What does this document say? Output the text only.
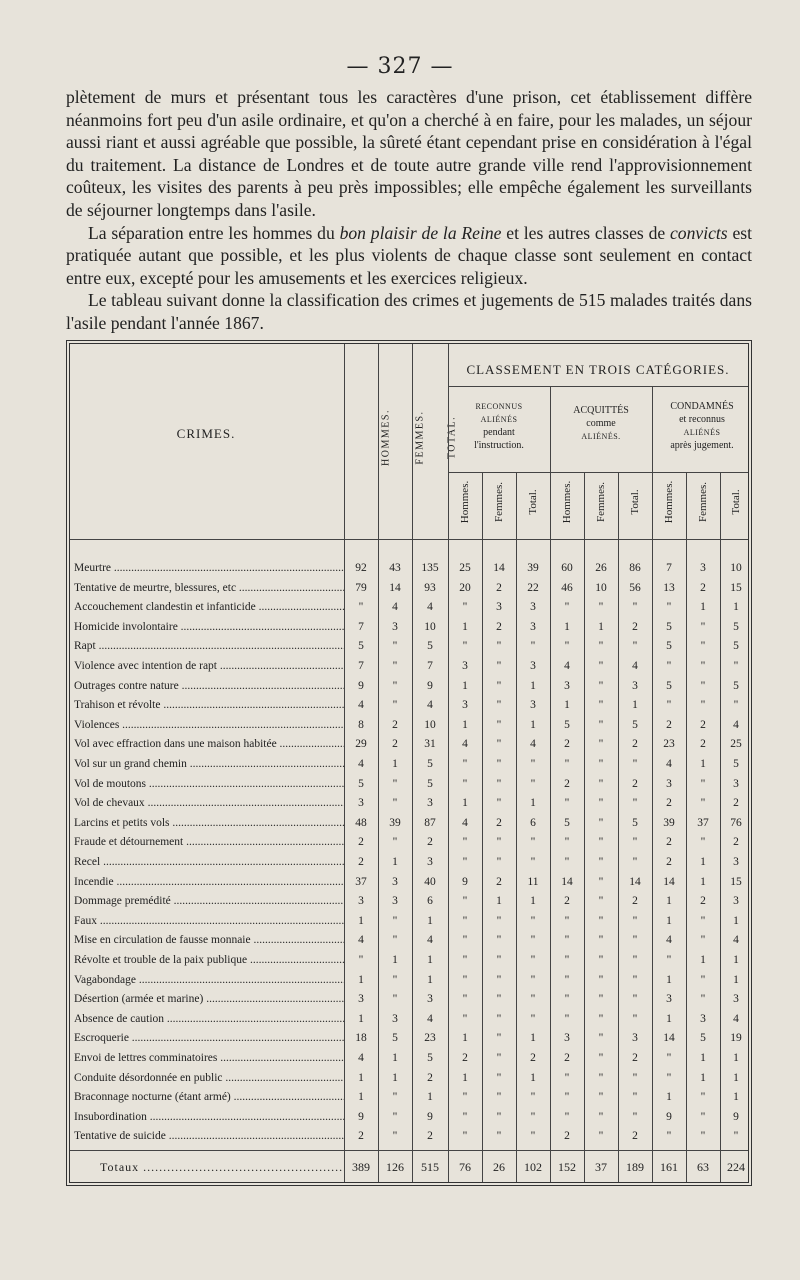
— 327 —

plètement de murs et présentant tous les caractères d'une prison, cet établissement diffère néanmoins fort peu d'un asile ordinaire, et qu'on a cherché à en faire, pour les malades, un séjour aussi riant et aussi agréable que possible, la sûreté étant cependant prise en considération à l'égal du traitement. La distance de Londres et de toute autre grande ville rend l'approvisionnement coûteux, les visites des parents à peu près impossibles; elle empêche également les surveillants de séjourner longtemps dans l'asile.

La séparation entre les hommes du bon plaisir de la Reine et les autres classes de convicts est pratiquée autant que possible, et les plus violents de chaque classe sont seulement en contact entre eux, excepté pour les amusements et les exercices religieux.

Le tableau suivant donne la classification des crimes et jugements de 515 malades traités dans l'asile pendant l'année 1867.

CRIMES.	HOMMES. FEMMES. TOTAL.
CLASSEMENT EN TROIS CATÉGORIES.
RECONNUS
ALIÉNÉS
pendant
l'instruction.
ACQUITTÉS
comme
ALIÉNÉS.
CONDAMNÉS
et reconnus
ALIÉNÉS
après jugement.
Hommes. Femmes. Total. Hommes. Femmes. Total. Hommes. Femmes. Total.
Meurtre .....	92	43	135	25	14	39	60	26	86	7	3	10
Tentative de meurtre, blessures, etc .....	79	14	93	20	2	22	46	10	56	13	2	15
Accouchement clandestin et infanticide .....	"	4	4	"	3	3	"	"	"	"	1	1
Homicide involontaire .....	7	3	10	1	2	3	1	1	2	5	"	5
Rapt .....	5	"	5	"	"	"	"	"	"	5	"	5
Violence avec intention de rapt .....	7	"	7	3	"	3	4	"	4	"	"	"
Outrages contre nature .....	9	"	9	1	"	1	3	"	3	5	"	5
Trahison et révolte .....	4	"	4	3	"	3	1	"	1	"	"	"
Violences .....	8	2	10	1	"	1	5	"	5	2	2	4
Vol avec effraction dans une maison habitée .....	29	2	31	4	"	4	2	"	2	23	2	25
Vol sur un grand chemin .....	4	1	5	"	"	"	"	"	"	4	1	5
Vol de moutons .....	5	"	5	"	"	"	2	"	2	3	"	3
Vol de chevaux .....	3	"	3	1	"	1	"	"	"	2	"	2
Larcins et petits vols .....	48	39	87	4	2	6	5	"	5	39	37	76
Fraude et détournement .....	2	"	2	"	"	"	"	"	"	2	"	2
Recel .....	2	1	3	"	"	"	"	"	"	2	1	3
Incendie .....	37	3	40	9	2	11	14	"	14	14	1	15
Dommage premédité .....	3	3	6	"	1	1	2	"	2	1	2	3
Faux .....	1	"	1	"	"	"	"	"	"	1	"	1
Mise en circulation de fausse monnaie .....	4	"	4	"	"	"	"	"	"	4	"	4
Révolte et trouble de la paix publique .....	"	1	1	"	"	"	"	"	"	"	1	1
Vagabondage .....	1	"	1	"	"	"	"	"	"	1	"	1
Désertion (armée et marine) .....	3	"	3	"	"	"	"	"	"	3	"	3
Absence de caution .....	1	3	4	"	"	"	"	"	"	1	3	4
Escroquerie .....	18	5	23	1	"	1	3	"	3	14	5	19
Envoi de lettres comminatoires .....	4	1	5	2	"	2	2	"	2	"	1	1
Conduite désordonnée en public .....	1	1	2	1	"	1	"	"	"	"	1	1
Braconnage nocturne (étant armé) .....	1	"	1	"	"	"	"	"	"	1	"	1
Insubordination .....	9	"	9	"	"	"	"	"	"	9	"	9
Tentative de suicide .....	2	"	2	"	"	"	2	"	2	"	"	"
Totaux .....	389	126	515	76	26	102	152	37	189	161	63	224
